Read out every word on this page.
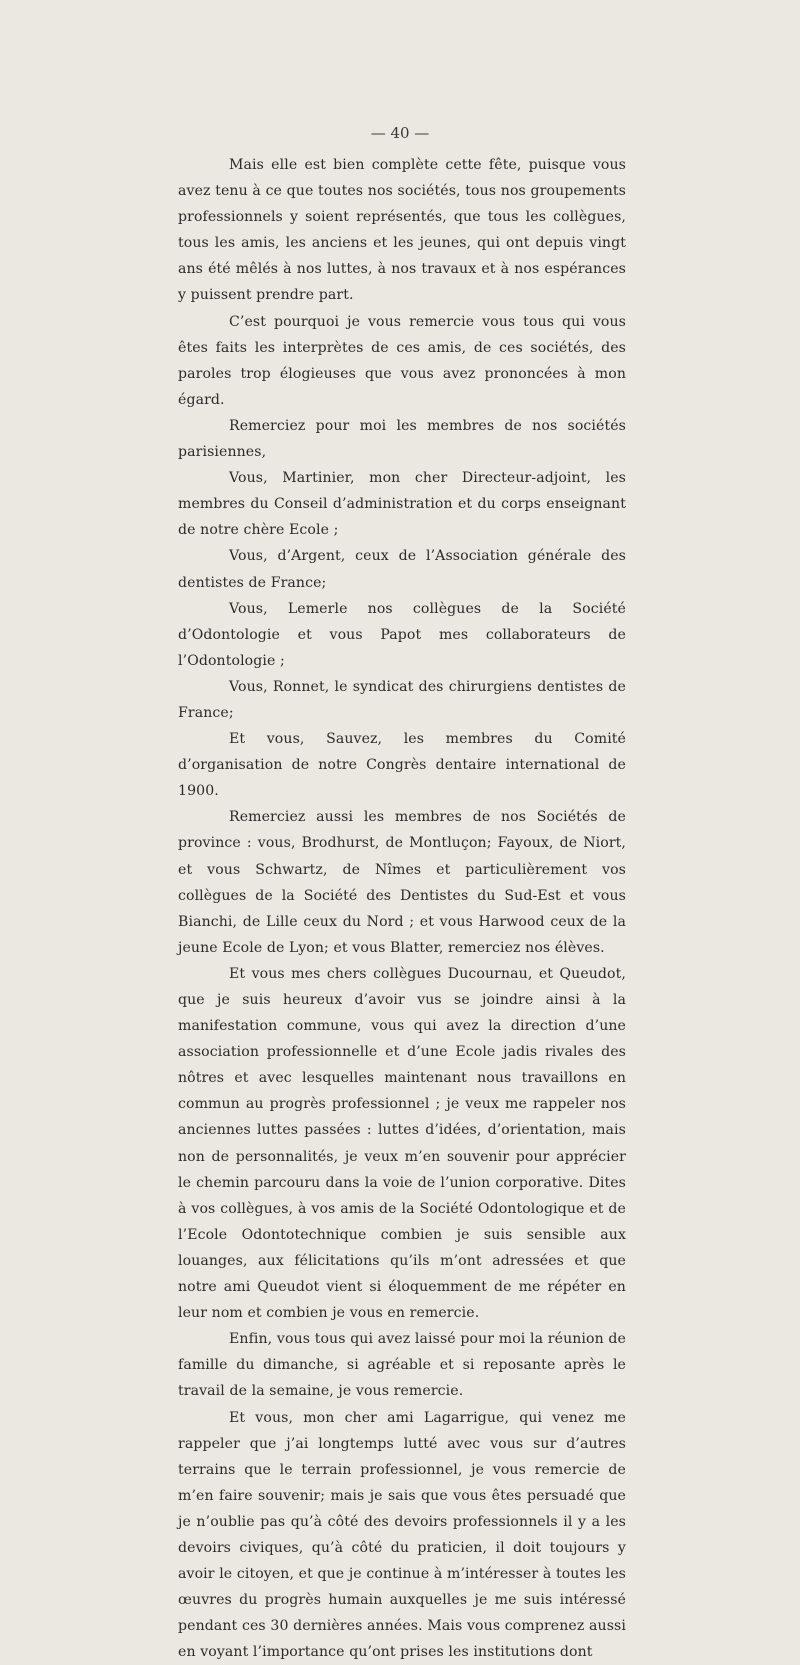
— 40 —

Mais elle est bien complète cette fête, puisque vous avez tenu à ce que toutes nos sociétés, tous nos groupements professionnels y soient représentés, que tous les collègues, tous les amis, les anciens et les jeunes, qui ont depuis vingt ans été mêlés à nos luttes, à nos travaux et à nos espérances y puissent prendre part.

C’est pourquoi je vous remercie vous tous qui vous êtes faits les interprètes de ces amis, de ces sociétés, des paroles trop élogieuses que vous avez prononcées à mon égard.

Remerciez pour moi les membres de nos sociétés parisiennes,

Vous, Martinier, mon cher Directeur-adjoint, les membres du Conseil d’administration et du corps enseignant de notre chère Ecole ;

Vous, d’Argent, ceux de l’Association générale des dentistes de France;

Vous, Lemerle nos collègues de la Société d’Odontologie et vous Papot mes collaborateurs de l’Odontologie ;

Vous, Ronnet, le syndicat des chirurgiens dentistes de France;

Et vous, Sauvez, les membres du Comité d’organisation de notre Congrès dentaire international de 1900.

Remerciez aussi les membres de nos Sociétés de province : vous, Brodhurst, de Montluçon; Fayoux, de Niort, et vous Schwartz, de Nîmes et particulièrement vos collègues de la Société des Dentistes du Sud-Est et vous Bianchi, de Lille ceux du Nord ; et vous Harwood ceux de la jeune Ecole de Lyon; et vous Blatter, remerciez nos élèves.

Et vous mes chers collègues Ducournau, et Queudot, que je suis heureux d’avoir vus se joindre ainsi à la manifestation commune, vous qui avez la direction d’une association professionnelle et d’une Ecole jadis rivales des nôtres et avec lesquelles maintenant nous travaillons en commun au progrès professionnel ; je veux me rappeler nos anciennes luttes passées : luttes d’idées, d’orientation, mais non de personnalités, je veux m’en souvenir pour apprécier le chemin parcouru dans la voie de l’union corporative. Dites à vos collègues, à vos amis de la Société Odontologique et de l’Ecole Odontotechnique combien je suis sensible aux louanges, aux félicitations qu’ils m’ont adressées et que notre ami Queudot vient si éloquemment de me répéter en leur nom et combien je vous en remercie.

Enfin, vous tous qui avez laissé pour moi la réunion de famille du dimanche, si agréable et si reposante après le travail de la semaine, je vous remercie.

Et vous, mon cher ami Lagarrigue, qui venez me rappeler que j’ai longtemps lutté avec vous sur d’autres terrains que le terrain professionnel, je vous remercie de m’en faire souvenir; mais je sais que vous êtes persuadé que je n’oublie pas qu’à côté des devoirs professionnels il y a les devoirs civiques, qu’à côté du praticien, il doit toujours y avoir le citoyen, et que je continue à m’intéresser à toutes les œuvres du progrès humain auxquelles je me suis intéressé pendant ces 30 dernières années. Mais vous comprenez aussi en voyant l’importance qu’ont prises les institutions dont
